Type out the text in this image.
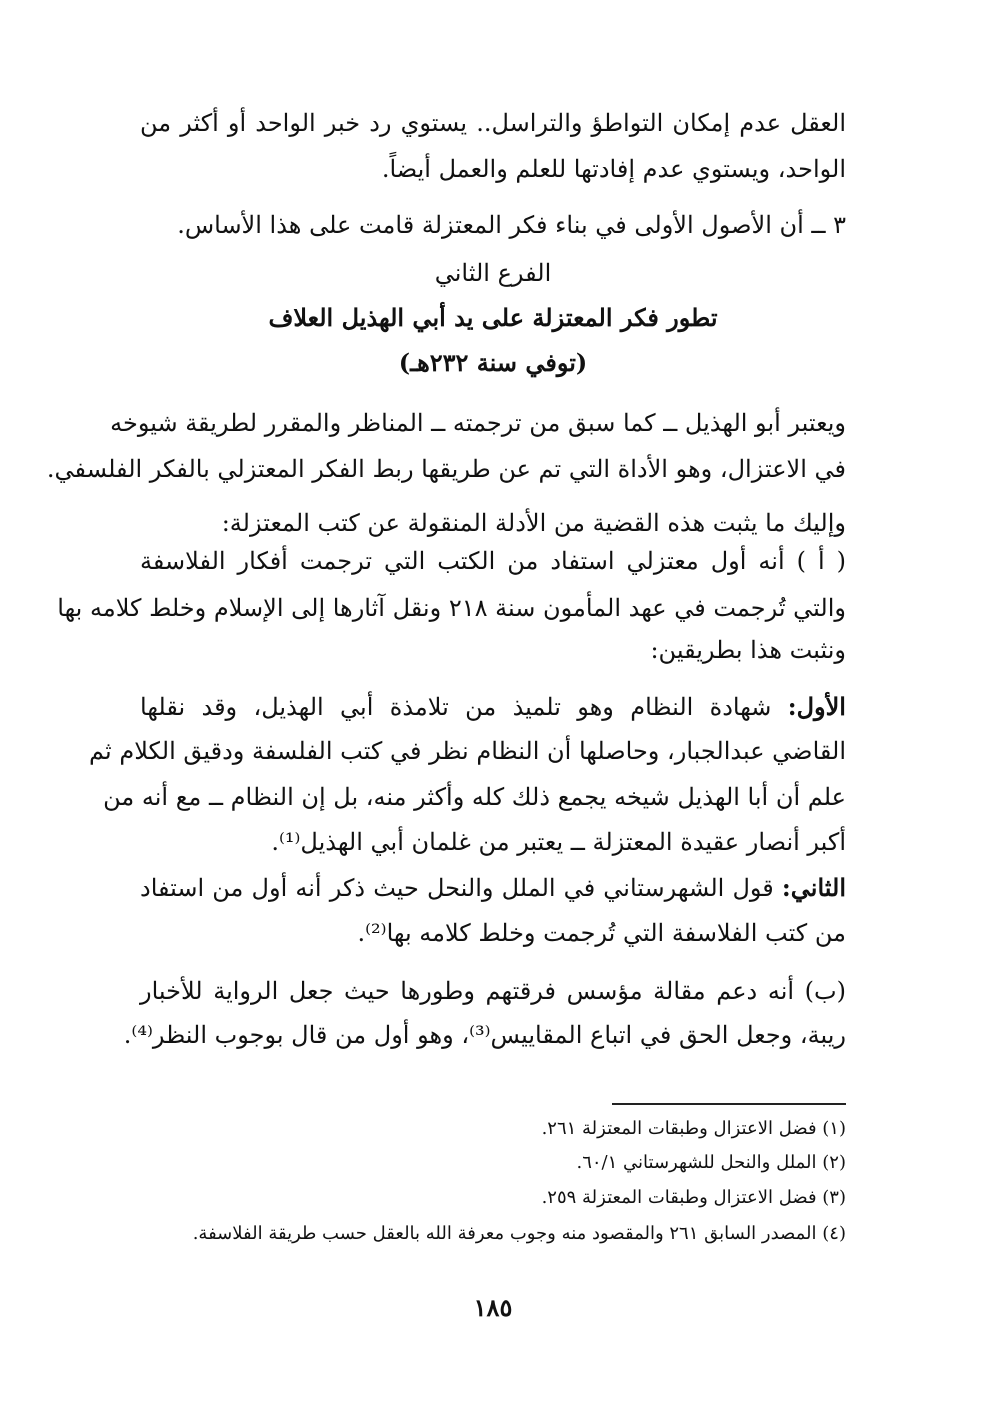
العقل عدم إمكان التواطؤ والتراسل.. يستوي رد خبر الواحد أو أكثر من
الواحد، ويستوي عدم إفادتها للعلم والعمل أيضاً.
٣ ــ أن الأصول الأولى في بناء فكر المعتزلة قامت على هذا الأساس.
الفرع الثاني
تطور فكر المعتزلة على يد أبي الهذيل العلاف
(توفي سنة ٢٣٢هـ)
ويعتبر أبو الهذيل ــ كما سبق من ترجمته ــ المناظر والمقرر لطريقة شيوخه
في الاعتزال، وهو الأداة التي تم عن طريقها ربط الفكر المعتزلي بالفكر الفلسفي.
وإليك ما يثبت هذه القضية من الأدلة المنقولة عن كتب المعتزلة:
( أ ) أنه أول معتزلي استفاد من الكتب التي ترجمت أفكار الفلاسفة
والتي تُرجمت في عهد المأمون سنة ٢١٨ ونقل آثارها إلى الإسلام وخلط كلامه بها
ونثبت هذا بطريقين:
الأول: شهادة النظام وهو تلميذ من تلامذة أبي الهذيل، وقد نقلها
القاضي عبدالجبار، وحاصلها أن النظام نظر في كتب الفلسفة ودقيق الكلام ثم
علم أن أبا الهذيل شيخه يجمع ذلك كله وأكثر منه، بل إن النظام ــ مع أنه من
أكبر أنصار عقيدة المعتزلة ــ يعتبر من غلمان أبي الهذيل⁽¹⁾.
الثاني: قول الشهرستاني في الملل والنحل حيث ذكر أنه أول من استفاد
من كتب الفلاسفة التي تُرجمت وخلط كلامه بها⁽²⁾.
(ب) أنه دعم مقالة مؤسس فرقتهم وطورها حيث جعل الرواية للأخبار
ريبة، وجعل الحق في اتباع المقاييس⁽³⁾، وهو أول من قال بوجوب النظر⁽⁴⁾.
(١) فضل الاعتزال وطبقات المعتزلة ٢٦١.
(٢) الملل والنحل للشهرستاني ٦٠/١.
(٣) فضل الاعتزال وطبقات المعتزلة ٢٥٩.
(٤) المصدر السابق ٢٦١ والمقصود منه وجوب معرفة الله بالعقل حسب طريقة الفلاسفة.
١٨٥
